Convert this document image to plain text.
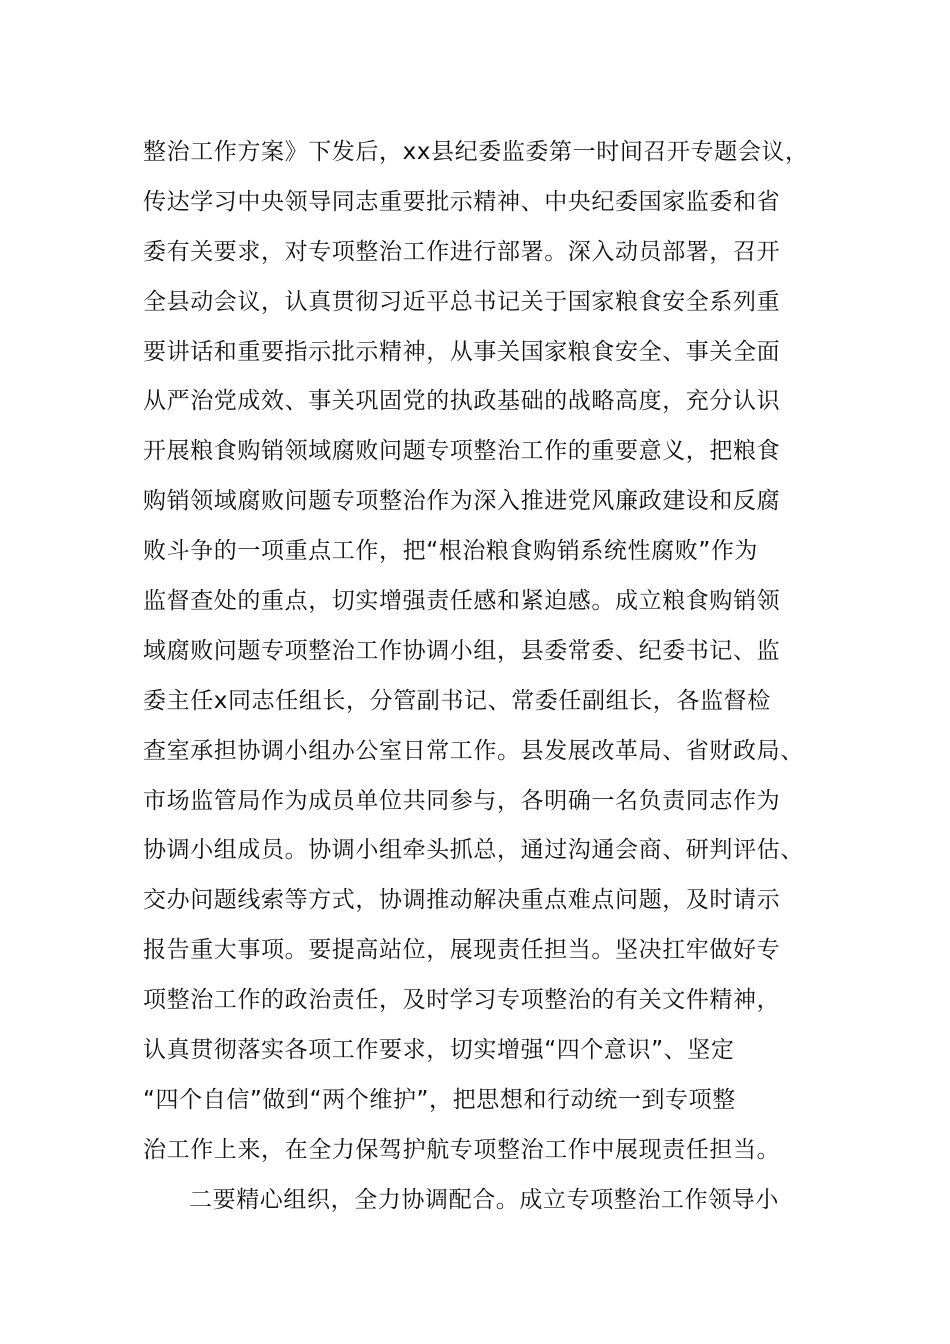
整治工作方案》下发后，xx县纪委监委第一时间召开专题会议，
传达学习中央领导同志重要批示精神、中央纪委国家监委和省
委有关要求，对专项整治工作进行部署。深入动员部署，召开
全县动会议，认真贯彻习近平总书记关于国家粮食安全系列重
要讲话和重要指示批示精神，从事关国家粮食安全、事关全面
从严治党成效、事关巩固党的执政基础的战略高度，充分认识
开展粮食购销领域腐败问题专项整治工作的重要意义，把粮食
购销领域腐败问题专项整治作为深入推进党风廉政建设和反腐
败斗争的一项重点工作，把“根治粮食购销系统性腐败”作为
监督查处的重点，切实增强责任感和紧迫感。成立粮食购销领
域腐败问题专项整治工作协调小组，县委常委、纪委书记、监
委主任x同志任组长，分管副书记、常委任副组长，各监督检
查室承担协调小组办公室日常工作。县发展改革局、省财政局、
市场监管局作为成员单位共同参与，各明确一名负责同志作为
协调小组成员。协调小组牵头抓总，通过沟通会商、研判评估、
交办问题线索等方式，协调推动解决重点难点问题，及时请示
报告重大事项。要提高站位，展现责任担当。坚决扛牢做好专
项整治工作的政治责任，及时学习专项整治的有关文件精神，
认真贯彻落实各项工作要求，切实增强“四个意识”、坚定
“四个自信”做到“两个维护”，把思想和行动统一到专项整
治工作上来，在全力保驾护航专项整治工作中展现责任担当。
二要精心组织，全力协调配合。成立专项整治工作领导小
